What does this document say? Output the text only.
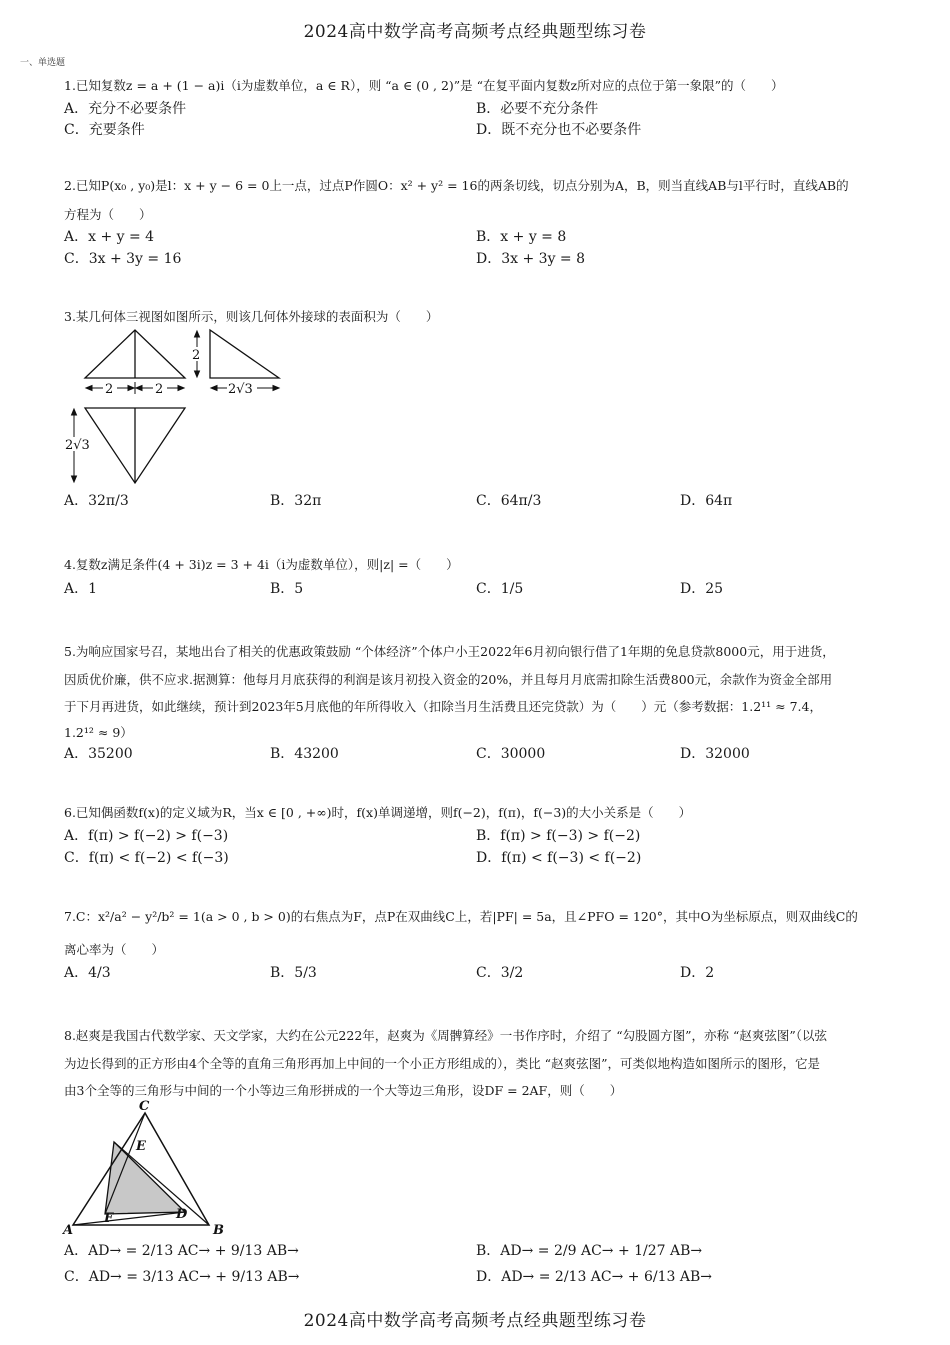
2024高中数学高考高频考点经典题型练习卷
一、单选题
1.已知复数z = a + (1 − a)i（i为虚数单位，a ∈ R），则 “a ∈ (0 , 2)”是 “在复平面内复数z所对应的点位于第一象限”的（　　）
A．充分不必要条件	B．必要不充分条件
C．充要条件	D．既不充分也不必要条件
2.已知P(x₀ , y₀)是l：x + y − 6 = 0上一点，过点P作圆O：x² + y² = 16的两条切线，切点分别为A，B，则当直线AB与l平行时，直线AB的
方程为（　　）
A．x + y = 4	B．x + y = 8
C．3x + 3y = 16	D．3x + 3y = 8
3.某几何体三视图如图所示，则该几何体外接球的表面积为（　　）
2	2
2
2√3
2√3
A．32π/3	B．32π	C．64π/3	D．64π
4.复数z满足条件(4 + 3i)z = 3 + 4i（i为虚数单位），则|z| =（　　）
A．1	B．5	C．1/5	D．25
5.为响应国家号召，某地出台了相关的优惠政策鼓励 “个体经济”个体户小王2022年6月初向银行借了1年期的免息贷款8000元，用于进货，
因质优价廉，供不应求.据测算：他每月月底获得的利润是该月初投入资金的20%，并且每月月底需扣除生活费800元，余款作为资金全部用
于下月再进货，如此继续，预计到2023年5月底他的年所得收入（扣除当月生活费且还完贷款）为（　　）元（参考数据：1.2¹¹ ≈ 7.4，
1.2¹² ≈ 9）
A．35200	B．43200	C．30000	D．32000
6.已知偶函数f(x)的定义域为R，当x ∈ [0 , +∞)时，f(x)单调递增，则f(−2)，f(π)，f(−3)的大小关系是（　　）
A．f(π) > f(−2) > f(−3)	B．f(π) > f(−3) > f(−2)
C．f(π) < f(−2) < f(−3)	D．f(π) < f(−3) < f(−2)
7.C：x²/a² − y²/b² = 1(a > 0 , b > 0)的右焦点为F，点P在双曲线C上，若|PF| = 5a，且∠PFO = 120°，其中O为坐标原点，则双曲线C的
离心率为（　　）
A．4/3	B．5/3	C．3/2	D．2
8.赵爽是我国古代数学家、天文学家，大约在公元222年，赵爽为《周髀算经》一书作序时，介绍了 “勾股圆方图”，亦称 “赵爽弦图”（以弦
为边长得到的正方形由4个全等的直角三角形再加上中间的一个小正方形组成的），类比 “赵爽弦图”，可类似地构造如图所示的图形，它是
由3个全等的三角形与中间的一个小等边三角形拼成的一个大等边三角形，设DF = 2AF，则（　　）
C
E
F	D
A	B
A．AD→ = 2/13 AC→ + 9/13 AB→	B．AD→ = 2/9 AC→ + 1/27 AB→
C．AD→ = 3/13 AC→ + 9/13 AB→	D．AD→ = 2/13 AC→ + 6/13 AB→
2024高中数学高考高频考点经典题型练习卷
